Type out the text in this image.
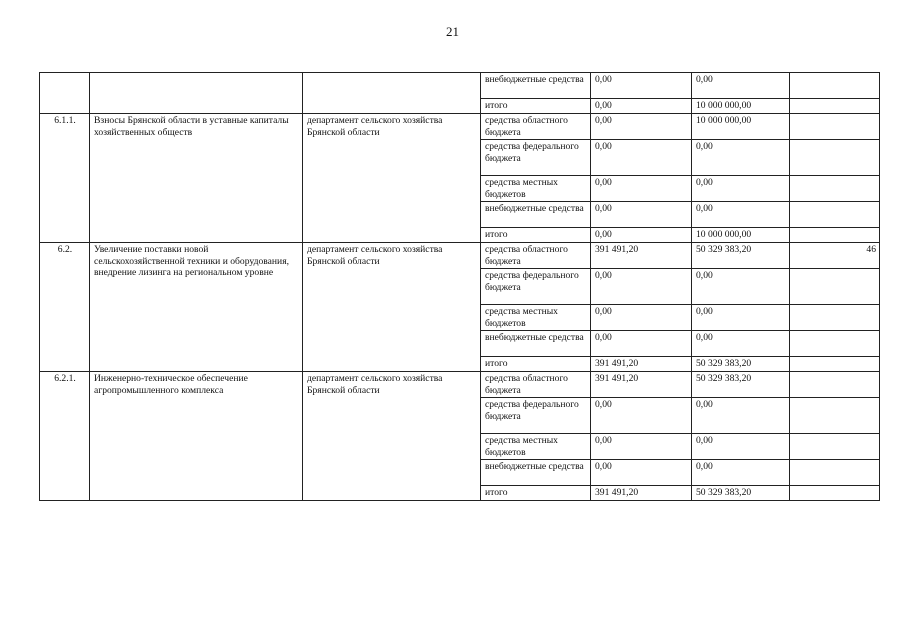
21
			внебюджетные средства	0,00	0,00	
			итого	0,00	10 000 000,00	
6.1.1.	Взносы Брянской области в уставные капиталы хозяйственных обществ	департамент сельского хозяйства Брянской области	средства областного бюджета	0,00	10 000 000,00	
			средства федерального бюджета	0,00	0,00	
			средства местных бюджетов	0,00	0,00	
			внебюджетные средства	0,00	0,00	
			итого	0,00	10 000 000,00	
6.2.	Увеличение поставки новой сельскохозяйственной техники и оборудования, внедрение лизинга на региональном уровне	департамент сельского хозяйства Брянской области	средства областного бюджета	391 491,20	50 329 383,20	46
			средства федерального бюджета	0,00	0,00	
			средства местных бюджетов	0,00	0,00	
			внебюджетные средства	0,00	0,00	
			итого	391 491,20	50 329 383,20	
6.2.1.	Инженерно-техническое обеспечение агропромышленного комплекса	департамент сельского хозяйства Брянской области	средства областного бюджета	391 491,20	50 329 383,20	
			средства федерального бюджета	0,00	0,00	
			средства местных бюджетов	0,00	0,00	
			внебюджетные средства	0,00	0,00	
			итого	391 491,20	50 329 383,20	
